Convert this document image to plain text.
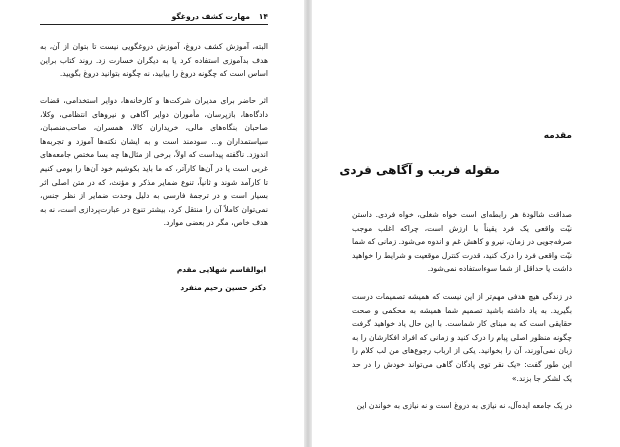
۱۴
مهارت کشف دروغگو

البته، آموزش کشف دروغ، آموزش دروغگویی نیست تا بتوان از آن، به هدف بدآموزی استفاده کرد یا به دیگران خسارت زد. روند کتاب براین اساس است که چگونه دروغ را بیابید، نه چگونه بتوانید دروغ بگویید.

اثر حاضر برای مدیران شرکت‌ها و کارخانه‌ها، دوایر استخدامی، قضات دادگاه‌ها، بازپرسان، مأموران دوایر آگاهی و نیروهای انتظامی، وکلا، صاحبان بنگاه‌های مالی، خریداران کالا، همسران، صاحب‌منصبان، سیاستمداران و... سودمند است و به ایشان نکته‌ها آموزد و تجربه‌ها اندوزد. ناگفته پیداست که اولاً، برخی از مثال‌ها چه بسا مختص جامعه‌های غربی است یا در آن‌ها کارآتر، که ما باید بکوشیم خود آن‌ها را بومی کنیم تا کارآمد شوند و ثانیاً، تنوع ضمایر مذکر و مؤنث، که در متن اصلی اثر بسیار است و در ترجمهٔ فارسی به دلیل وحدت ضمایر از نظر جنس، نمی‌توان کاملاً آن را منتقل کرد، بیشتر تنوع در عبارت‌پردازی است، نه به هدف خاص، مگر در بعضی موارد.

ابوالقاسم شهلایی مقدم
دکتر حسین رحیم منفرد
مقدمه
مقوله فریب و آگاهی فردی

صداقت شالودهٔ هر رابطه‌ای است خواه شغلی، خواه فردی. داستن نیّت واقعی یک فرد یقیناً با ارزش است، چراکه اغلب موجب صرفه‌جویی در زمان، نیرو و کاهش غم و اندوه می‌شود. زمانی که شما نیّت واقعی فرد را درک کنید، قدرت کنترل موقعیت و شرایط را خواهید داشت یا حداقل از شما سوءاستفاده نمی‌شود.

در زندگی هیچ هدفی مهم‌تر از این نیست که همیشه تصمیمات درست بگیرید. به یاد داشته باشید تصمیم شما همیشه به محکمی و صحت حقایقی است که به مبنای کار شماست. با این حال یاد خواهید گرفت چگونه منظور اصلی پیام را درک کنید و زمانی که افراد افکارشان را به زبان نمی‌آورند، آن را بخوانید. یکی از ارباب رجوع‌های من لب کلام را این طور گفت: «یک نفر توی پادگان گاهی می‌تواند خودش را در حد یک لشکر جا بزند.»

در یک جامعه ایده‌آل، نه نیازی به دروغ است و نه نیازی به خواندن این
